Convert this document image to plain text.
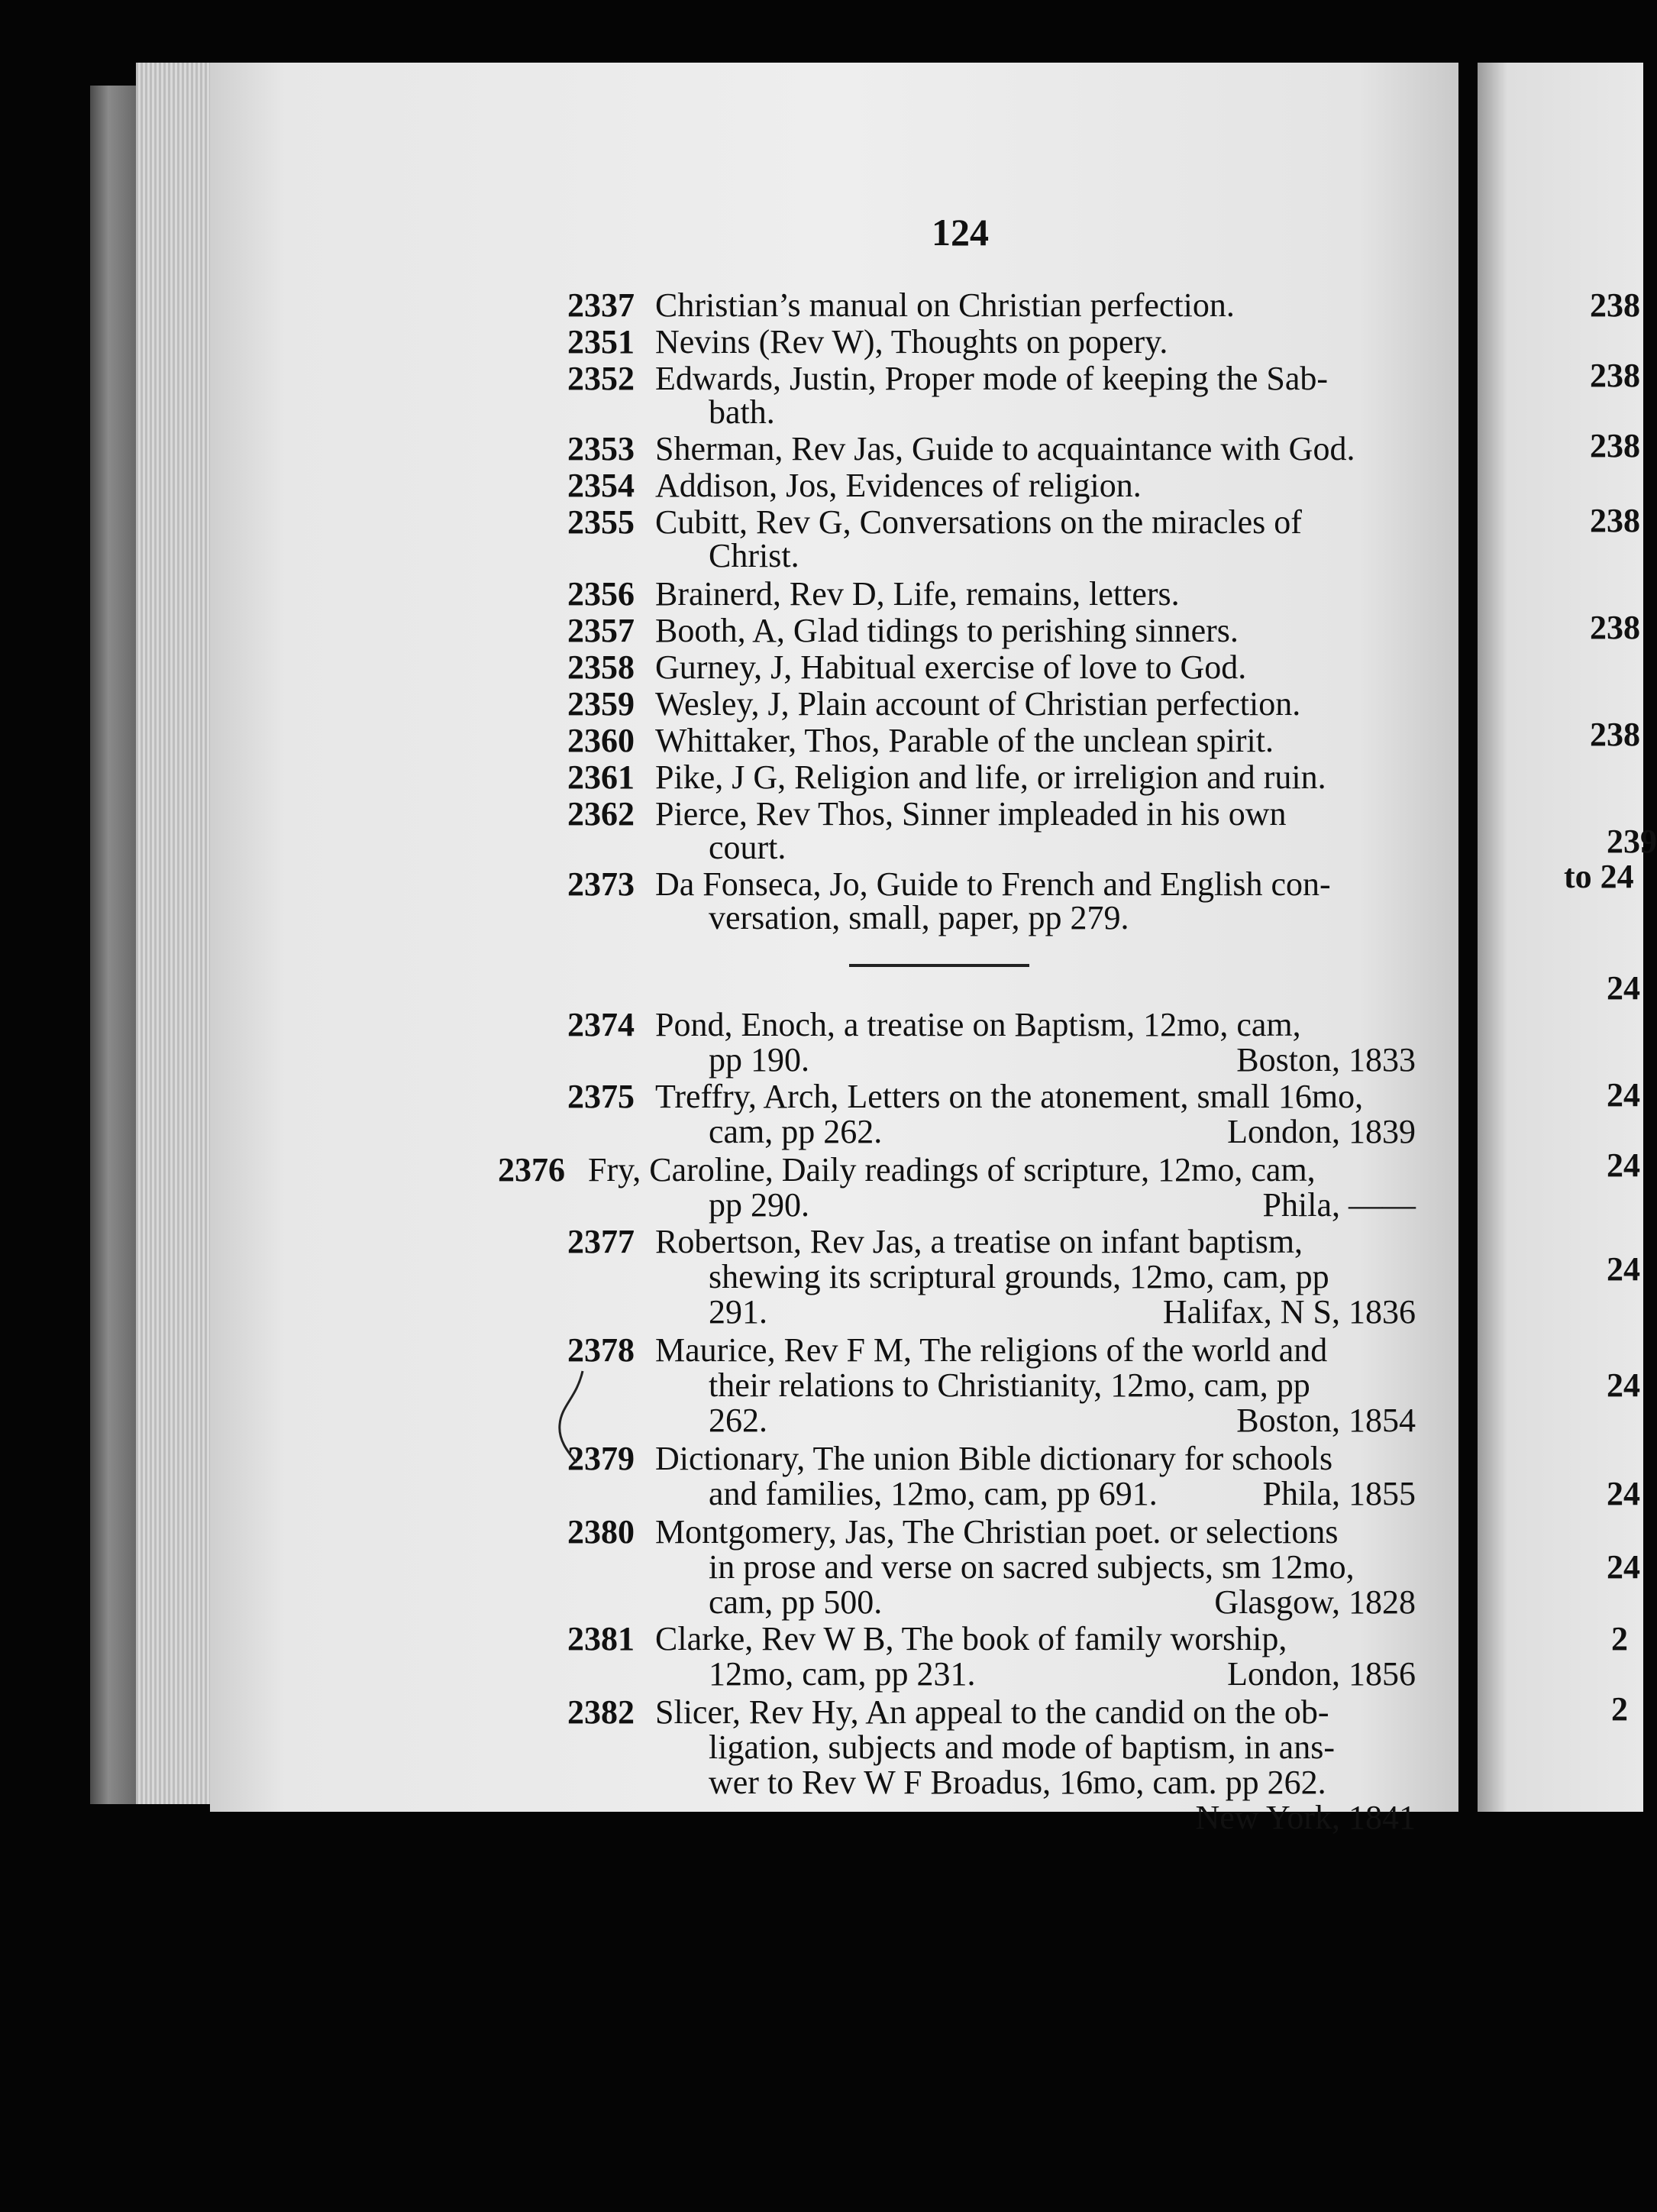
124
2337 Christian’s manual on Christian perfection.
2351 Nevins (Rev W), Thoughts on popery.
2352 Edwards, Justin, Proper mode of keeping the Sab-
bath.
2353 Sherman, Rev Jas, Guide to acquaintance with God.
2354 Addison, Jos, Evidences of religion.
2355 Cubitt, Rev G, Conversations on the miracles of
Christ.
2356 Brainerd, Rev D, Life, remains, letters.
2357 Booth, A, Glad tidings to perishing sinners.
2358 Gurney, J, Habitual exercise of love to God.
2359 Wesley, J, Plain account of Christian perfection.
2360 Whittaker, Thos, Parable of the unclean spirit.
2361 Pike, J G, Religion and life, or irreligion and ruin.
2362 Pierce, Rev Thos, Sinner impleaded in his own
court.
2373 Da Fonseca, Jo, Guide to French and English con-
versation, small, paper, pp 279.
2374 Pond, Enoch, a treatise on Baptism, 12mo, cam,
pp 190.	Boston, 1833
2375 Treffry, Arch, Letters on the atonement, small 16mo,
cam, pp 262.	London, 1839
2376 Fry, Caroline, Daily readings of scripture, 12mo, cam,
pp 290.	Phila, ——
2377 Robertson, Rev Jas, a treatise on infant baptism,
shewing its scriptural grounds, 12mo, cam, pp
291.	Halifax, N S, 1836
2378 Maurice, Rev F M, The religions of the world and
their relations to Christianity, 12mo, cam, pp
262.	Boston, 1854
2379 Dictionary, The union Bible dictionary for schools
and families, 12mo, cam, pp 691.	Phila, 1855
2380 Montgomery, Jas, The Christian poet. or selections
in prose and verse on sacred subjects, sm 12mo,
cam, pp 500.	Glasgow, 1828
2381 Clarke, Rev W B, The book of family worship,
12mo, cam, pp 231.	London, 1856
2382 Slicer, Rev Hy, An appeal to the candid on the ob-
ligation, subjects and mode of baptism, in ans-
wer to Rev W F Broadus, 16mo, cam. pp 262.
New York, 1841
238
238
238
238
238
238
239
to 24
24
24
24
24
24
24
24
2
2
